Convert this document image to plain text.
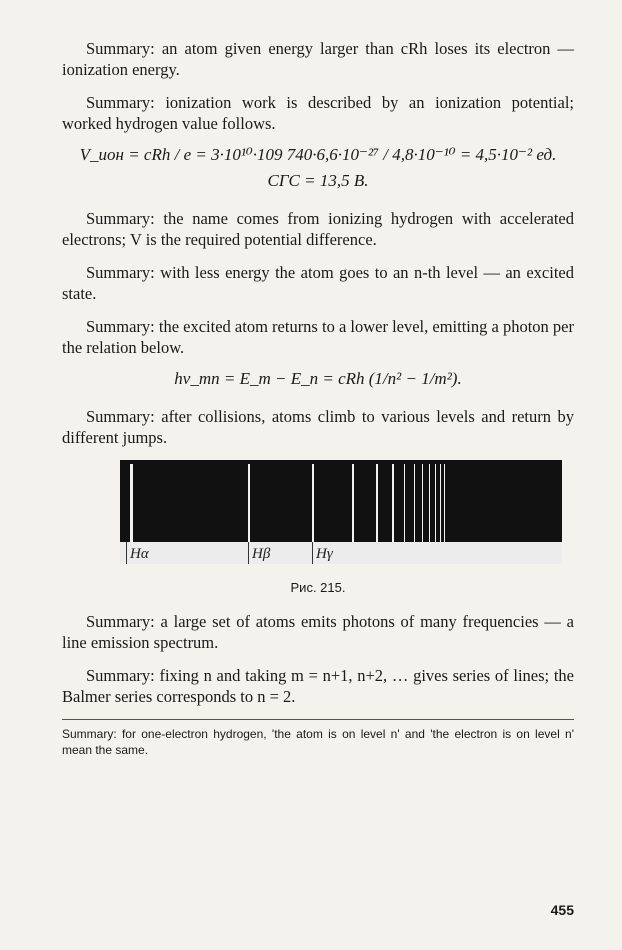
Summary: an atom given energy larger than cRh loses its electron — ionization energy.

Summary: ionization work is described by an ionization potential; worked hydrogen value follows.

V_ион = cRh / e = 3·10¹⁰·109 740·6,6·10⁻²⁷ / 4,8·10⁻¹⁰ = 4,5·10⁻² ед. СГС = 13,5 В.

Summary: the name comes from ionizing hydrogen with accelerated electrons; V is the required potential difference.

Summary: with less energy the atom goes to an n-th level — an excited state.

Summary: the excited atom returns to a lower level, emitting a photon per the relation below.

hν_mn = E_m − E_n = cRh (1/n² − 1/m²).

Summary: after collisions, atoms climb to various levels and return by different jumps.

Hα	Hβ	Hγ
Рис. 215.

Summary: a large set of atoms emits photons of many frequencies — a line emission spectrum.

Summary: fixing n and taking m = n+1, n+2, … gives series of lines; the Balmer series corresponds to n = 2.

Summary: for one-electron hydrogen, 'the atom is on level n' and 'the electron is on level n' mean the same.
455
